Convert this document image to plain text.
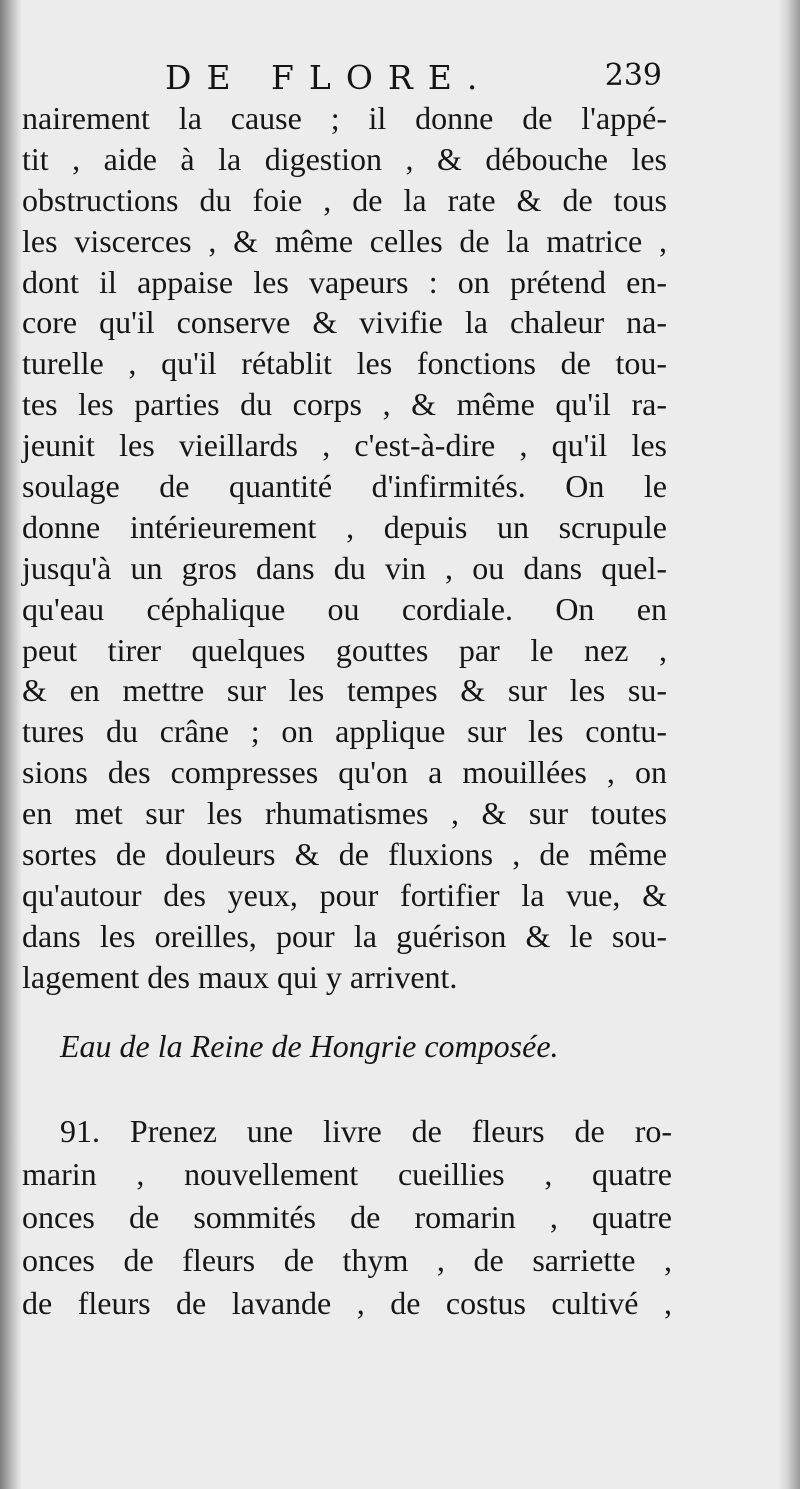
DE FLORE.	239
nairement la cause ; il donne de l'appé-
tit , aide à la digestion , & débouche les
obstructions du foie , de la rate & de tous
les viscerces , & même celles de la matrice ,
dont il appaise les vapeurs : on prétend en-
core qu'il conserve & vivifie la chaleur na-
turelle , qu'il rétablit les fonctions de tou-
tes les parties du corps , & même qu'il ra-
jeunit les vieillards , c'est-à-dire , qu'il les
soulage de quantité d'infirmités. On le
donne intérieurement , depuis un scrupule
jusqu'à un gros dans du vin , ou dans quel-
qu'eau céphalique ou cordiale. On en
peut tirer quelques gouttes par le nez ,
& en mettre sur les tempes & sur les su-
tures du crâne ; on applique sur les contu-
sions des compresses qu'on a mouillées , on
en met sur les rhumatismes , & sur toutes
sortes de douleurs & de fluxions , de même
qu'autour des yeux, pour fortifier la vue, &
dans les oreilles, pour la guérison & le sou-
lagement des maux qui y arrivent.
Eau de la Reine de Hongrie composée.
91. Prenez une livre de fleurs de ro-
marin , nouvellement cueillies , quatre
onces de sommités de romarin , quatre
onces de fleurs de thym , de sarriette ,
de fleurs de lavande , de costus cultivé ,
